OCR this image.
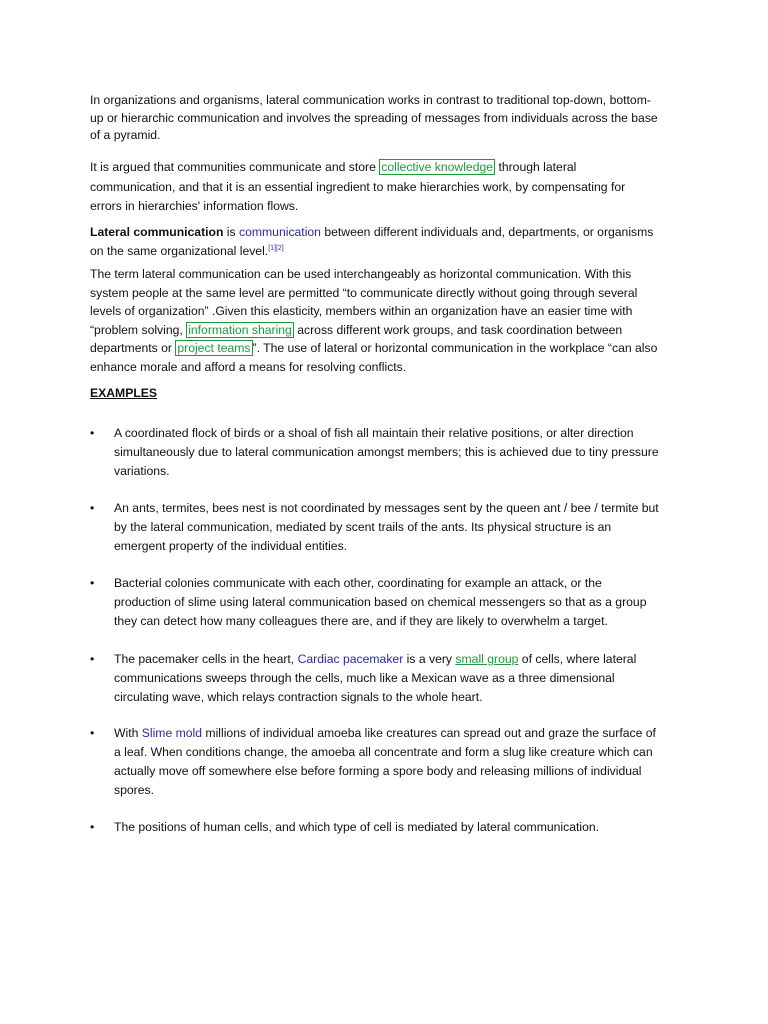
In organizations and organisms, lateral communication works in contrast to traditional top-down, bottom-
up or hierarchic communication and involves the spreading of messages from individuals across the base
of a pyramid.

It is argued that communities communicate and store collective knowledge through lateral
communication, and that it is an essential ingredient to make hierarchies work, by compensating for
errors in hierarchies' information flows.

Lateral communication is communication between different individuals and, departments, or organisms
on the same organizational level.[1][2]

The term lateral communication can be used interchangeably as horizontal communication. With this
system people at the same level are permitted “to communicate directly without going through several
levels of organization” .Given this elasticity, members within an organization have an easier time with
“problem solving, information sharing across different work groups, and task coordination between
departments or project teams ”. The use of lateral or horizontal communication in the workplace “can also
enhance morale and afford a means for resolving conflicts.

EXAMPLES

•	A coordinated flock of birds or a shoal of fish all maintain their relative positions, or alter direction
simultaneously due to lateral communication amongst members; this is achieved due to tiny pressure
variations.

•	An ants, termites, bees nest is not coordinated by messages sent by the queen ant / bee / termite but
by the lateral communication, mediated by scent trails of the ants. Its physical structure is an
emergent property of the individual entities.

•	Bacterial colonies communicate with each other, coordinating for example an attack, or the
production of slime using lateral communication based on chemical messengers so that as a group
they can detect how many colleagues there are, and if they are likely to overwhelm a target.

•	The pacemaker cells in the heart, Cardiac pacemaker is a very small group of cells, where lateral
communications sweeps through the cells, much like a Mexican wave as a three dimensional
circulating wave, which relays contraction signals to the whole heart.

•	With Slime mold millions of individual amoeba like creatures can spread out and graze the surface of
a leaf. When conditions change, the amoeba all concentrate and form a slug like creature which can
actually move off somewhere else before forming a spore body and releasing millions of individual
spores.

•	The positions of human cells, and which type of cell is mediated by lateral communication.
